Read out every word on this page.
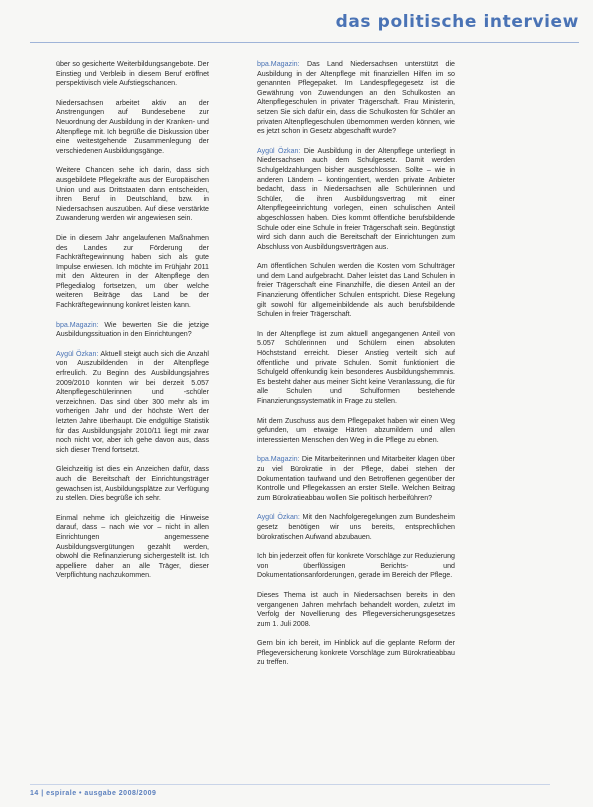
das politische interview

über so gesicherte Weiterbildungsangebote. Der Einstieg und Verbleib in diesem Beruf eröffnet perspektivisch viele Aufstiegschancen.

Niedersachsen arbeitet aktiv an der Anstrengungen auf Bundesebene zur Neuordnung der Ausbildung in der Kranken- und Altenpflege mit. Ich begrüße die Diskussion über eine weitestgehende Zusammenlegung der verschiedenen Ausbildungsgänge.

Weitere Chancen sehe ich darin, dass sich ausgebildete Pflegekräfte aus der Europäischen Union und aus Drittstaaten dann entscheiden, ihren Beruf in Deutschland, bzw. in Niedersachsen auszuüben. Auf diese verstärkte Zuwanderung werden wir angewiesen sein.

Die in diesem Jahr angelaufenen Maßnahmen des Landes zur Förderung der Fachkräftegewinnung haben sich als gute Impulse erwiesen. Ich möchte im Frühjahr 2011 mit den Akteuren in der Altenpflege den Pflegedialog fortsetzen, um über welche weiteren Beiträge das Land be der Fachkräftegewinnung konkret leisten kann.

bpa.Magazin: Wie bewerten Sie die jetzige Ausbildungssituation in den Einrichtungen?

Aygül Özkan: Aktuell steigt auch sich die Anzahl von Auszubildenden in der Altenpflege erfreulich. Zu Beginn des Ausbildungsjahres 2009/2010 konnten wir bei derzeit 5.057 Altenpflegeschülerinnen und -schüler verzeichnen. Das sind über 300 mehr als im vorherigen Jahr und der höchste Wert der letzten Jahre überhaupt. Die endgültige Statistik für das Ausbildungsjahr 2010/11 liegt mir zwar noch nicht vor, aber ich gehe davon aus, dass sich dieser Trend fortsetzt.

Gleichzeitig ist dies ein Anzeichen dafür, dass auch die Bereitschaft der Einrichtungsträger gewachsen ist, Ausbildungsplätze zur Verfügung zu stellen. Dies begrüße ich sehr.

Einmal nehme ich gleichzeitig die Hinweise darauf, dass – nach wie vor – nicht in allen Einrichtungen angemessene Ausbildungsvergütungen gezahlt werden, obwohl die Refinanzierung sichergestellt ist. Ich appelliere daher an alle Träger, dieser Verpflichtung nachzukommen.

bpa.Magazin: Das Land Niedersachsen unterstützt die Ausbildung in der Altenpflege mit finanziellen Hilfen im so genannten Pflegepaket. Im Landespflegegesetz ist die Gewährung von Zuwendungen an den Schulkosten an Altenpflegeschulen in privater Trägerschaft. Frau Ministerin, setzen Sie sich dafür ein, dass die Schulkosten für Schüler an privaten Altenpflegeschulen übernommen werden können, wie es jetzt schon in Gesetz abgeschafft wurde?

Aygül Özkan: Die Ausbildung in der Altenpflege unterliegt in Niedersachsen auch dem Schulgesetz. Damit werden Schulgeldzahlungen bisher ausgeschlossen. Sollte – wie in anderen Ländern – kontingentiert, werden private Anbieter bedacht, dass in Niedersachsen alle Schülerinnen und Schüler, die ihren Ausbildungsvertrag mit einer Altenpflegeeinrichtung vorlegen, einen schulischen Anteil abgeschlossen haben. Dies kommt öffentliche berufsbildende Schule oder eine Schule in freier Trägerschaft sein. Begünstigt wird sich dann auch die Bereitschaft der Einrichtungen zum Abschluss von Ausbildungsverträgen aus.

Am öffentlichen Schulen werden die Kosten vom Schulträger und dem Land aufgebracht. Daher leistet das Land Schulen in freier Trägerschaft eine Finanzhilfe, die diesen Anteil an der Finanzierung öffentlicher Schulen entspricht. Diese Regelung gilt sowohl für allgemeinbildende als auch berufsbildende Schulen in freier Trägerschaft.

In der Altenpflege ist zum aktuell angegangenen Anteil von 5.057 Schülerinnen und Schülern einen absoluten Höchststand erreicht. Dieser Anstieg verteilt sich auf öffentliche und private Schulen. Somit funktioniert die Schulgeld offenkundig kein besonderes Ausbildungshemmnis. Es besteht daher aus meiner Sicht keine Veranlassung, die für alle Schulen und Schulformen bestehende Finanzierungssystematik in Frage zu stellen.

Mit dem Zuschuss aus dem Pflegepaket haben wir einen Weg gefunden, um etwaige Härten abzumildern und allen interessierten Menschen den Weg in die Pflege zu ebnen.

bpa.Magazin: Die Mitarbeiterinnen und Mitarbeiter klagen über zu viel Bürokratie in der Pflege, dabei stehen der Dokumentation taufwand und den Betroffenen gegenüber der Kontrolle und Pflegekassen an erster Stelle. Welchen Beitrag zum Bürokratieabbau wollen Sie politisch herbeiführen?

Aygül Özkan: Mit den Nachfolgeregelungen zum Bundesheim gesetz benötigen wir uns bereits, entsprechlichen bürokratischen Aufwand abzubauen.

Ich bin jederzeit offen für konkrete Vorschläge zur Reduzierung von überflüssigen Berichts- und Dokumentationsanforderungen, gerade im Bereich der Pflege.

Dieses Thema ist auch in Niedersachsen bereits in den vergangenen Jahren mehrfach behandelt worden, zuletzt im Verfolg der Novellierung des Pflegeversicherungsgesetzes zum 1. Juli 2008.

Gern bin ich bereit, im Hinblick auf die geplante Reform der Pflegeversicherung konkrete Vorschläge zum Bürokratieabbau zu treffen.

14 | espirale • ausgabe 2008/2009
